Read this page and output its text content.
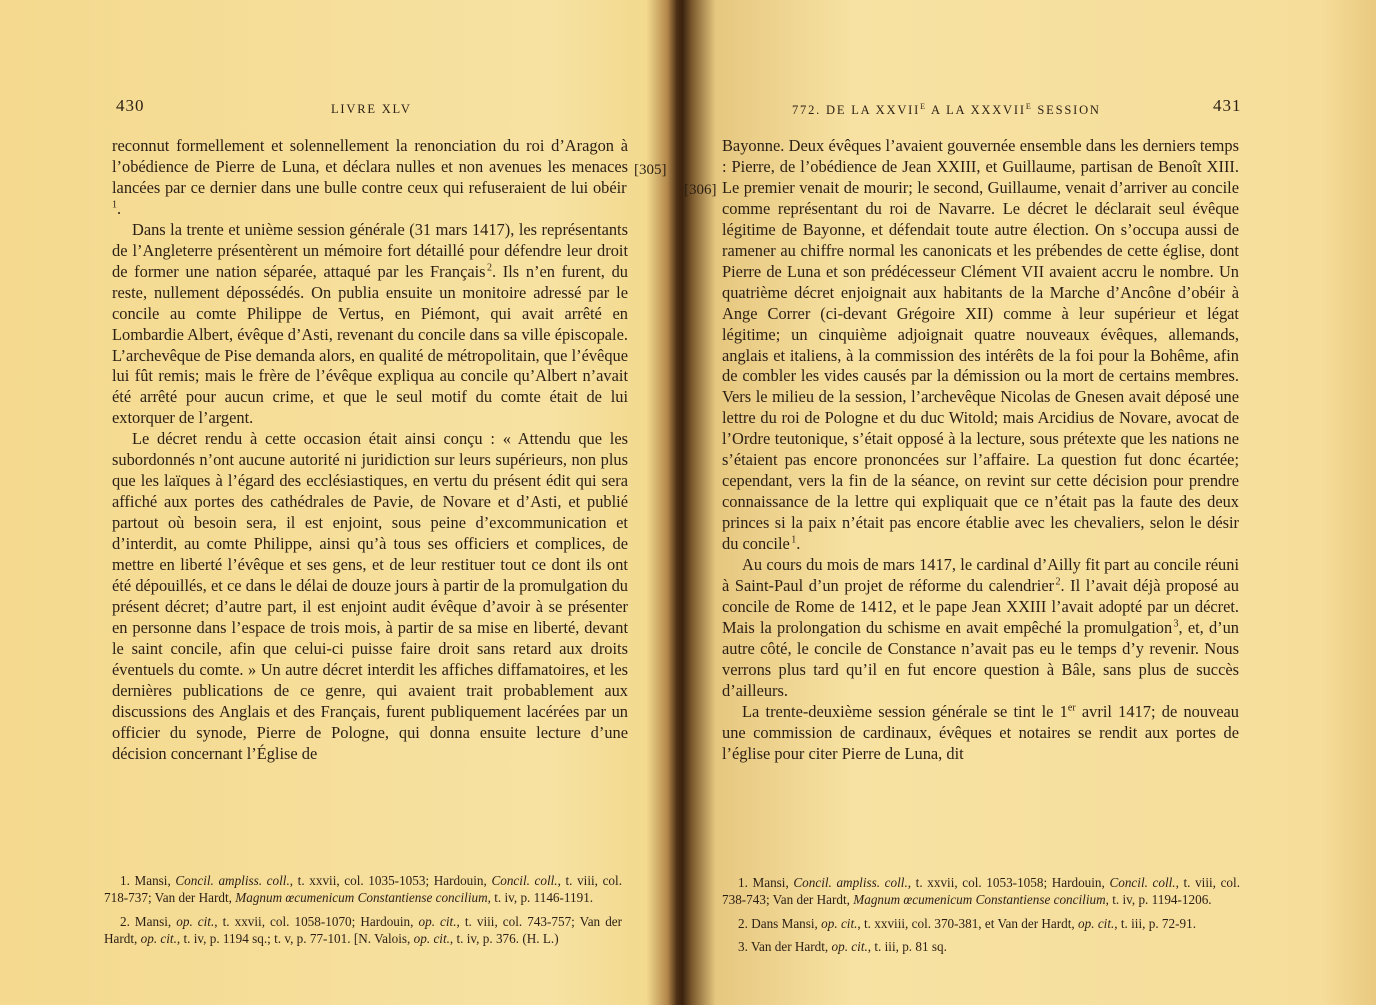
430	LIVRE XLV
[305]

reconnut formellement et solennellement la renonciation du roi d’Aragon à l’obédience de Pierre de Luna, et déclara nulles et non avenues les menaces lancées par ce dernier dans une bulle contre ceux qui refuseraient de lui obéir $^1$.

Dans la trente et unième session générale (31 mars 1417), les représentants de l’Angleterre présentèrent un mémoire fort détaillé pour défendre leur droit de former une nation séparée, attaqué par les Français $^2$. Ils n’en furent, du reste, nullement dépossédés. On publia ensuite un monitoire adressé par le concile au comte Philippe de Vertus, en Piémont, qui avait arrêté en Lombardie Albert, évêque d’Asti, revenant du concile dans sa ville épiscopale. L’archevêque de Pise demanda alors, en qualité de métropolitain, que l’évêque lui fût remis; mais le frère de l’évêque expliqua au concile qu’Albert n’avait été arrêté pour aucun crime, et que le seul motif du comte était de lui extorquer de l’argent.

Le décret rendu à cette occasion était ainsi conçu : « Attendu que les subordonnés n’ont aucune autorité ni juridiction sur leurs supérieurs, non plus que les laïques à l’égard des ecclésiastiques, en vertu du présent édit qui sera affiché aux portes des cathédrales de Pavie, de Novare et d’Asti, et publié partout où besoin sera, il est enjoint, sous peine d’excommunication et d’interdit, au comte Philippe, ainsi qu’à tous ses officiers et complices, de mettre en liberté l’évêque et ses gens, et de leur restituer tout ce dont ils ont été dépouillés, et ce dans le délai de douze jours à partir de la promulgation du présent décret; d’autre part, il est enjoint audit évêque d’avoir à se présenter en personne dans l’espace de trois mois, à partir de sa mise en liberté, devant le saint concile, afin que celui-ci puisse faire droit sans retard aux droits éventuels du comte. » Un autre décret interdit les affiches diffamatoires, et les dernières publications de ce genre, qui avaient trait probablement aux discussions des Anglais et des Français, furent publiquement lacérées par un officier du synode, Pierre de Pologne, qui donna ensuite lecture d’une décision concernant l’Église de

1. Mansi, Concil. ampliss. coll., t. xxvii, col. 1035-1053; Hardouin, Concil. coll., t. viii, col. 718-737; Van der Hardt, Magnum œcumenicum Constantiense concilium, t. iv, p. 1146-1191.

2. Mansi, op. cit., t. xxvii, col. 1058-1070; Hardouin, op. cit., t. viii, col. 743-757; Van der Hardt, op. cit., t. iv, p. 1194 sq.; t. v, p. 77-101. [N. Valois, op. cit., t. iv, p. 376. (H. L.)

772. DE LA $XXVII^E$ A LA $XXXVII^E$ SESSION	431
[306]

Bayonne. Deux évêques l’avaient gouvernée ensemble dans les derniers temps : Pierre, de l’obédience de Jean XXIII, et Guillaume, partisan de Benoît XIII. Le premier venait de mourir; le second, Guillaume, venait d’arriver au concile comme représentant du roi de Navarre. Le décret le déclarait seul évêque légitime de Bayonne, et défendait toute autre élection. On s’occupa aussi de ramener au chiffre normal les canonicats et les prébendes de cette église, dont Pierre de Luna et son prédécesseur Clément VII avaient accru le nombre. Un quatrième décret enjoignait aux habitants de la Marche d’Ancône d’obéir à Ange Correr (ci-devant Grégoire XII) comme à leur supérieur et légat légitime; un cinquième adjoignait quatre nouveaux évêques, allemands, anglais et italiens, à la commission des intérêts de la foi pour la Bohême, afin de combler les vides causés par la démission ou la mort de certains membres. Vers le milieu de la session, l’archevêque Nicolas de Gnesen avait déposé une lettre du roi de Pologne et du duc Witold; mais Arcidius de Novare, avocat de l’Ordre teutonique, s’était opposé à la lecture, sous prétexte que les nations ne s’étaient pas encore prononcées sur l’affaire. La question fut donc écartée; cependant, vers la fin de la séance, on revint sur cette décision pour prendre connaissance de la lettre qui expliquait que ce n’était pas la faute des deux princes si la paix n’était pas encore établie avec les chevaliers, selon le désir du concile $^1$.

Au cours du mois de mars 1417, le cardinal d’Ailly fit part au concile réuni à Saint-Paul d’un projet de réforme du calendrier $^2$. Il l’avait déjà proposé au concile de Rome de 1412, et le pape Jean XXIII l’avait adopté par un décret. Mais la prolongation du schisme en avait empêché la promulgation $^3$, et, d’un autre côté, le concile de Constance n’avait pas eu le temps d’y revenir. Nous verrons plus tard qu’il en fut encore question à Bâle, sans plus de succès d’ailleurs.

La trente-deuxième session générale se tint le 1er avril 1417; de nouveau une commission de cardinaux, évêques et notaires se rendit aux portes de l’église pour citer Pierre de Luna, dit

1. Mansi, Concil. ampliss. coll., t. xxvii, col. 1053-1058; Hardouin, Concil. coll., t. viii, col. 738-743; Van der Hardt, Magnum œcumenicum Constantiense concilium, t. iv, p. 1194-1206.

2. Dans Mansi, op. cit., t. xxviii, col. 370-381, et Van der Hardt, op. cit., t. iii, p. 72-91.

3. Van der Hardt, op. cit., t. iii, p. 81 sq.
